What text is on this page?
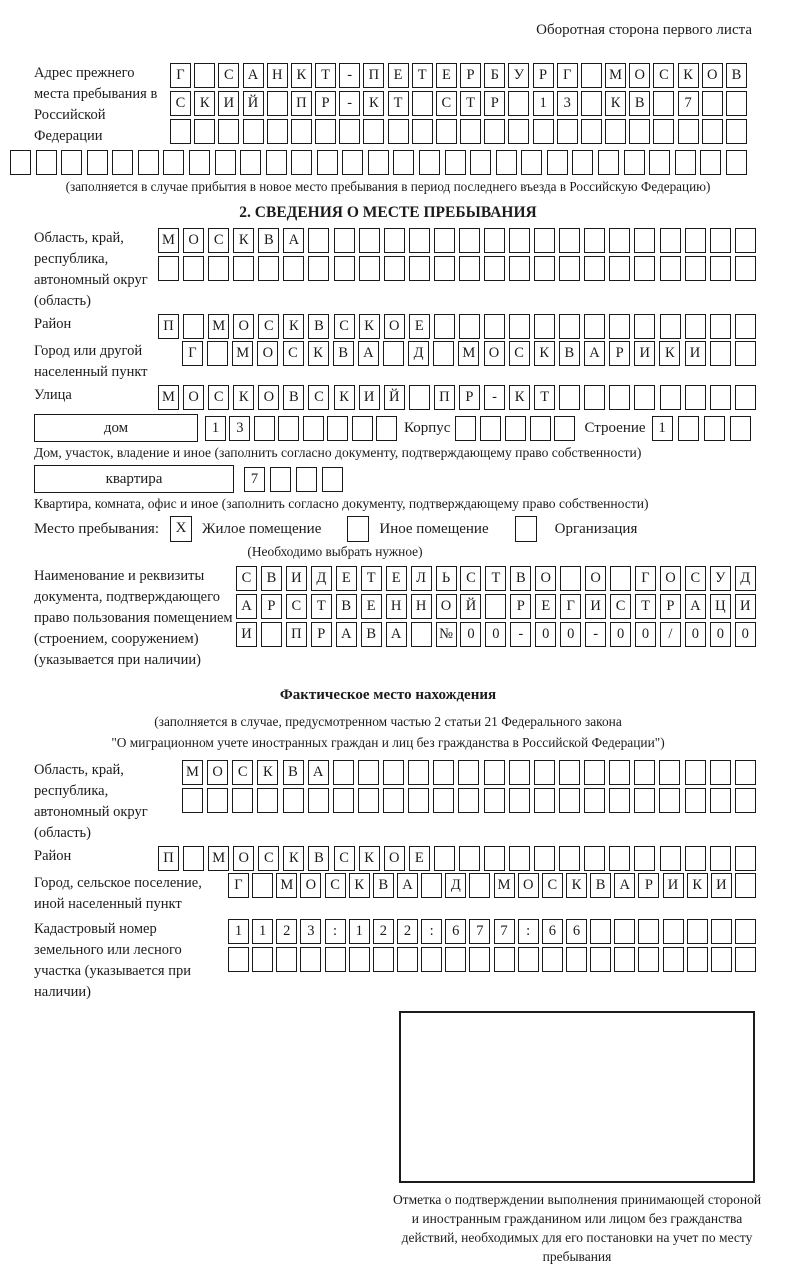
Оборотная сторона первого листа
Адрес прежнего места пребывания в Российской Федерации
Г	С А Н К	Т	-	П	Е	Т	Е	Р	Б	У	Р	Г	М О С	К О В
С	К И Й	П	Р	-	К	Т	С	Т	Р	1	3	К	В	7
(заполняется в случае прибытия в новое место пребывания в период последнего въезда в Российскую Федерацию)
2. СВЕДЕНИЯ О МЕСТЕ ПРЕБЫВАНИЯ
Область, край, республика, автономный округ (область)
М О	С	К	В	А
Район	П	М О	С	К	В	С	К	О	Е
Город или другой населенный пункт
Г	М О	С	К	В	А	Д	М О	С	К	В	А	Р	И	К	И
Улица	М О	С	К	О	В	С	К	И	Й	П	Р	-	К	Т
дом	1	3	Корпус	Строение 1
Дом, участок, владение и иное (заполнить согласно документу, подтверждающему право собственности)
квартира	7
Квартира, комната, офис и иное (заполнить согласно документу, подтверждающему право собственности)
Место пребывания:	X	Жилое помещение	Иное помещение	Организация
(Необходимо выбрать нужное)
Наименование и реквизиты документа, подтверждающего право пользования помещением (строением, сооружением) (указывается при наличии)
С	В	И	Д	Е	Т	Е	Л	Ь	С	Т	В	О	О	Г	О	С	У	Д
А	Р	С	Т	В	Е	Н Н О Й	Р	Е	Г	И	С	Т	Р	А Ц И
И	П	Р	А	В	А	№ 0	0	-	0	0	-	0	0	/	0	0	0
Фактическое место нахождения
(заполняется в случае, предусмотренном частью 2 статьи 21 Федерального закона
"О миграционном учете иностранных граждан и лиц без гражданства в Российской Федерации")
Область, край, республика, автономный округ (область)
М О	С	К	В	А
Район	П	М О	С	К	В	С	К	О	Е
Город, сельское поселение, иной населенный пункт
Г	М О С К В А	Д	М О С К В А	Р	И К И
Кадастровый номер земельного или лесного участка (указывается при наличии)
1	1	2	3	:	1	2	2	:	6	7	7	:	6	6
Отметка о подтверждении выполнения принимающей стороной и иностранным гражданином или лицом без гражданства действий, необходимых для его постановки на учет по месту пребывания
